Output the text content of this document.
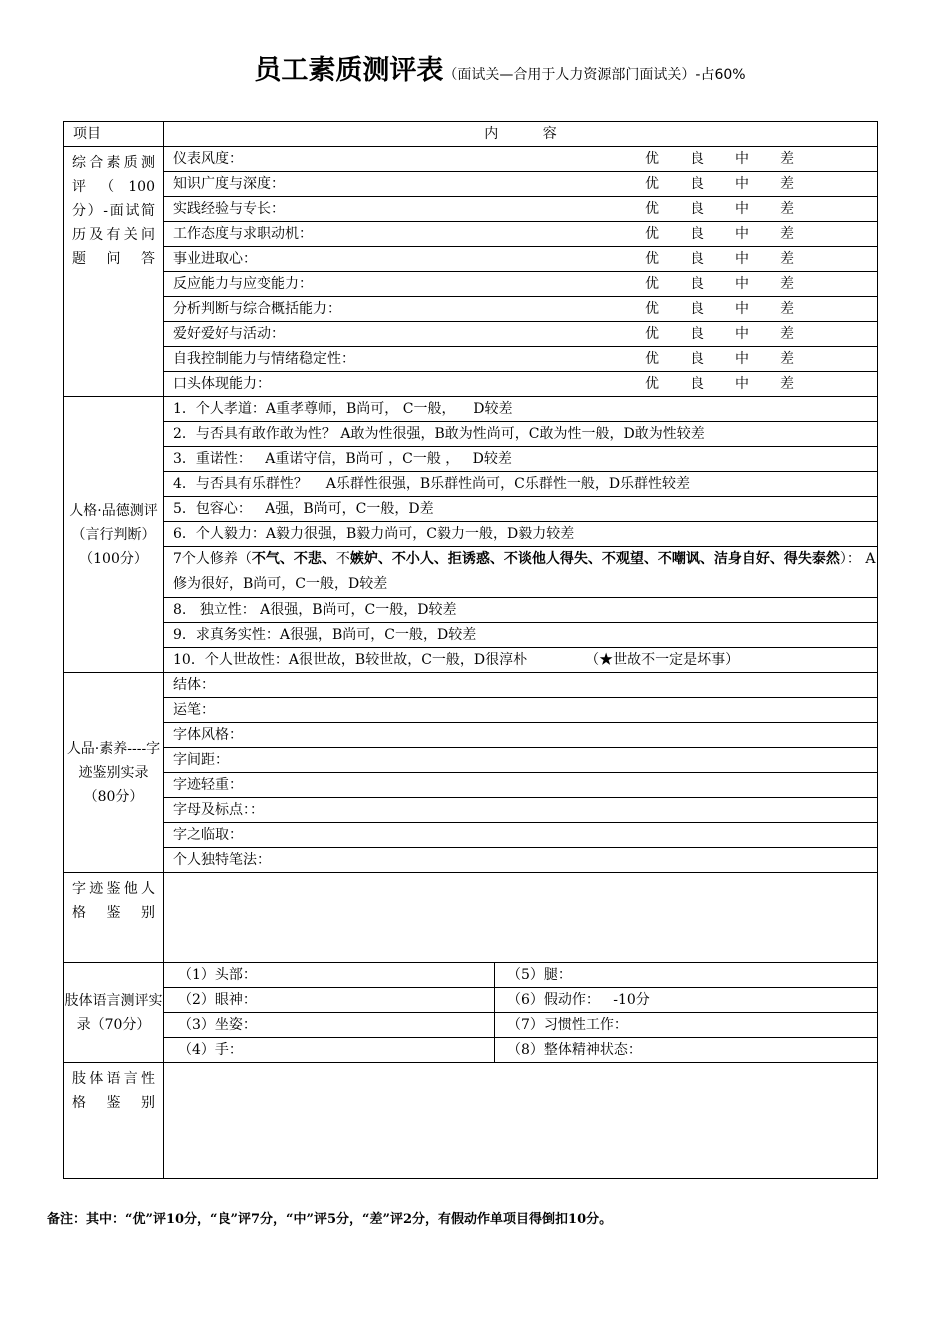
员工素质测评表（面试关—合用于人力资源部门面试关）-占60%
项目	内          容	
综合素质测评（100分）-面试简历及有关问题问答	仪表风度： 优 良 中 差	

	知识广度与深度： 优 良 中 差	

	实践经验与专长： 优 良 中 差	

	工作态度与求职动机： 优 良 中 差	

	事业进取心： 优 良 中 差	

	反应能力与应变能力： 优 良 中 差	

	分析判断与综合概括能力： 优 良 中 差	

	爱好爱好与活动： 优 良 中 差	

	自我控制能力与情绪稳定性： 优 良 中 差	

	口头体现能力： 优 良 中 差	

人格·品德测评（言行判断）（100分）	1．个人孝道：A重孝尊师，B尚可， C一般，    D较差	
	2．与否具有敢作敢为性？ A敢为性很强，B敢为性尚可，C敢为性一般，D敢为性较差	
	3．重诺性：   A重诺守信，B尚可 ，C一般 ，   D较差	
	4．与否具有乐群性？    A乐群性很强，B乐群性尚可，C乐群性一般，D乐群性较差	
	5．包容心：   A强，B尚可，C一般，D差	
	6．个人毅力：A毅力很强，B毅力尚可，C毅力一般，D毅力较差	
	7个人修养（不气、不悲、不嫉妒、不小人、拒诱惑、不谈他人得失、不观望、不嘲讽、洁身自好、得失泰然）： A修为很好，B尚可，C一般，D较差	
	8.   独立性： A很强，B尚可，C一般，D较差	
	9．求真务实性：A很强，B尚可，C一般，D较差	
	10．个人世故性：A很世故，B较世故，C一般，D很淳朴 （★世故不一定是坏事）	
人品·素养----字迹鉴别实录（80分）	结体：	
	运笔：	
	字体风格：	
	字间距：	
	字迹轻重：	
	字母及标点：：	
	字之临取：	
	个人独特笔法：	
字迹鉴他人格鉴别		
肢体语言测评实录（70分）	（1）头部：	（5）腿：
	（2）眼神：	（6）假动作：   -10分
	（3）坐姿：	（7）习惯性工作：
	（4）手：	（8）整体精神状态：
肢体语言性格鉴别		
备注：其中：“优”评10分，“良”评7分，“中”评5分，“差”评2分，有假动作单项目得倒扣10分。
